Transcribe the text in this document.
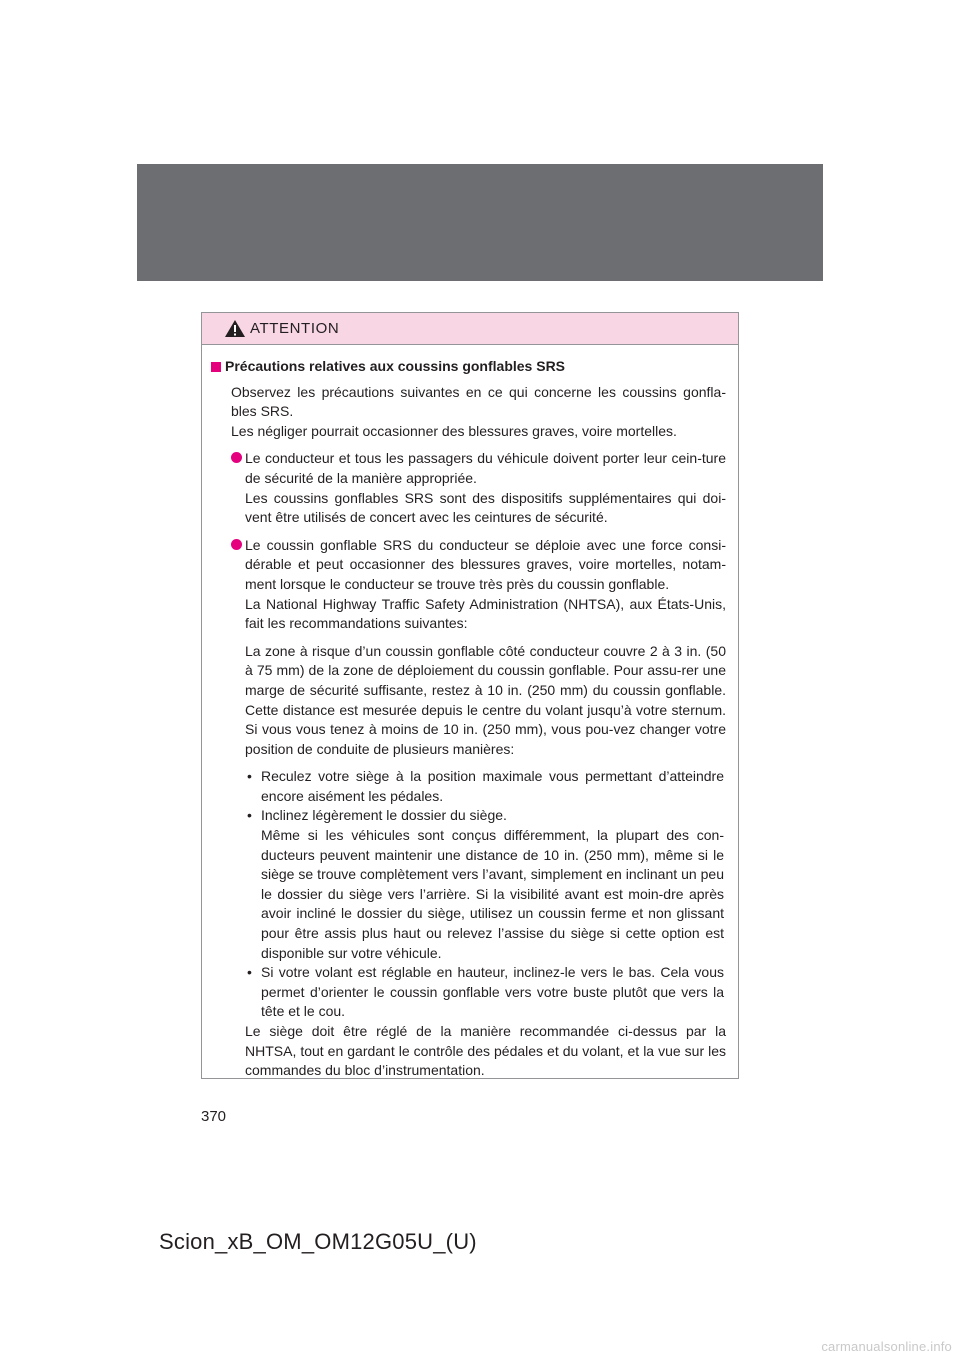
ATTENTION
Précautions relatives aux coussins gonflables SRS

Observez les précautions suivantes en ce qui concerne les coussins gonfla-bles SRS.

Les négliger pourrait occasionner des blessures graves, voire mortelles.

Le conducteur et tous les passagers du véhicule doivent porter leur cein-ture de sécurité de la manière appropriée.

Les coussins gonflables SRS sont des dispositifs supplémentaires qui doi-vent être utilisés de concert avec les ceintures de sécurité.

Le coussin gonflable SRS du conducteur se déploie avec une force consi-dérable et peut occasionner des blessures graves, voire mortelles, notam-ment lorsque le conducteur se trouve très près du coussin gonflable.

La National Highway Traffic Safety Administration (NHTSA), aux États-Unis, fait les recommandations suivantes:

La zone à risque d’un coussin gonflable côté conducteur couvre 2 à 3 in. (50 à 75 mm) de la zone de déploiement du coussin gonflable. Pour assu-rer une marge de sécurité suffisante, restez à 10 in. (250 mm) du coussin gonflable. Cette distance est mesurée depuis le centre du volant jusqu’à votre sternum. Si vous vous tenez à moins de 10 in. (250 mm), vous pou-vez changer votre position de conduite de plusieurs manières:

• Reculez votre siège à la position maximale vous permettant d’atteindre encore aisément les pédales.
• Inclinez légèrement le dossier du siège.
Même si les véhicules sont conçus différemment, la plupart des con-ducteurs peuvent maintenir une distance de 10 in. (250 mm), même si le siège se trouve complètement vers l’avant, simplement en inclinant un peu le dossier du siège vers l’arrière. Si la visibilité avant est moin-dre après avoir incliné le dossier du siège, utilisez un coussin ferme et non glissant pour être assis plus haut ou relevez l’assise du siège si cette option est disponible sur votre véhicule.
• Si votre volant est réglable en hauteur, inclinez-le vers le bas. Cela vous permet d’orienter le coussin gonflable vers votre buste plutôt que vers la tête et le cou.

Le siège doit être réglé de la manière recommandée ci-dessus par la NHTSA, tout en gardant le contrôle des pédales et du volant, et la vue sur les commandes du bloc d’instrumentation.

370
Scion_xB_OM_OM12G05U_(U)
carmanualsonline.info
